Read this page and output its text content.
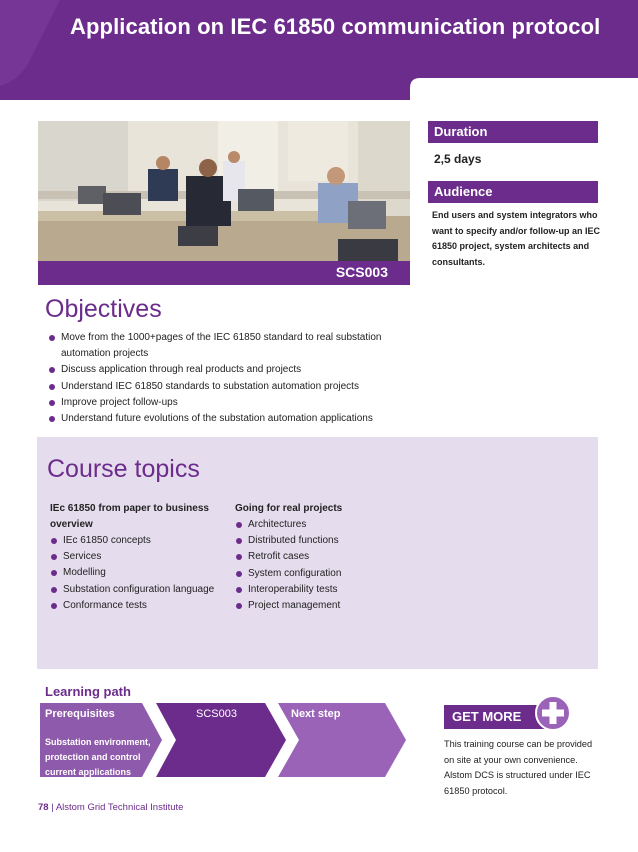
Application on IEC 61850 communication protocol
SCS003
Duration
2,5 days
Audience
End users and system integrators who want to specify and/or follow-up an IEC 61850 project, system architects and consultants.
Objectives
Move from the 1000+pages of the IEC 61850 standard to real substation automation projects
Discuss application through real products and projects
Understand IEC 61850 standards to substation automation projects
Improve project follow-ups
Understand future evolutions of the substation automation applications
Course topics
IEc 61850 from paper to business overview
IEc 61850 concepts
Services
Modelling
Substation configuration language
Conformance tests
Going for real projects
Architectures
Distributed functions
Retrofit cases
System configuration
Interoperability tests
Project management
Learning path
Prerequisites	SCS003	Next step
Substation environment, protection and control current applications
GET MORE
This training course can be provided on site at your own convenience. Alstom DCS is structured under IEC 61850 protocol.
78 | Alstom Grid Technical Institute
